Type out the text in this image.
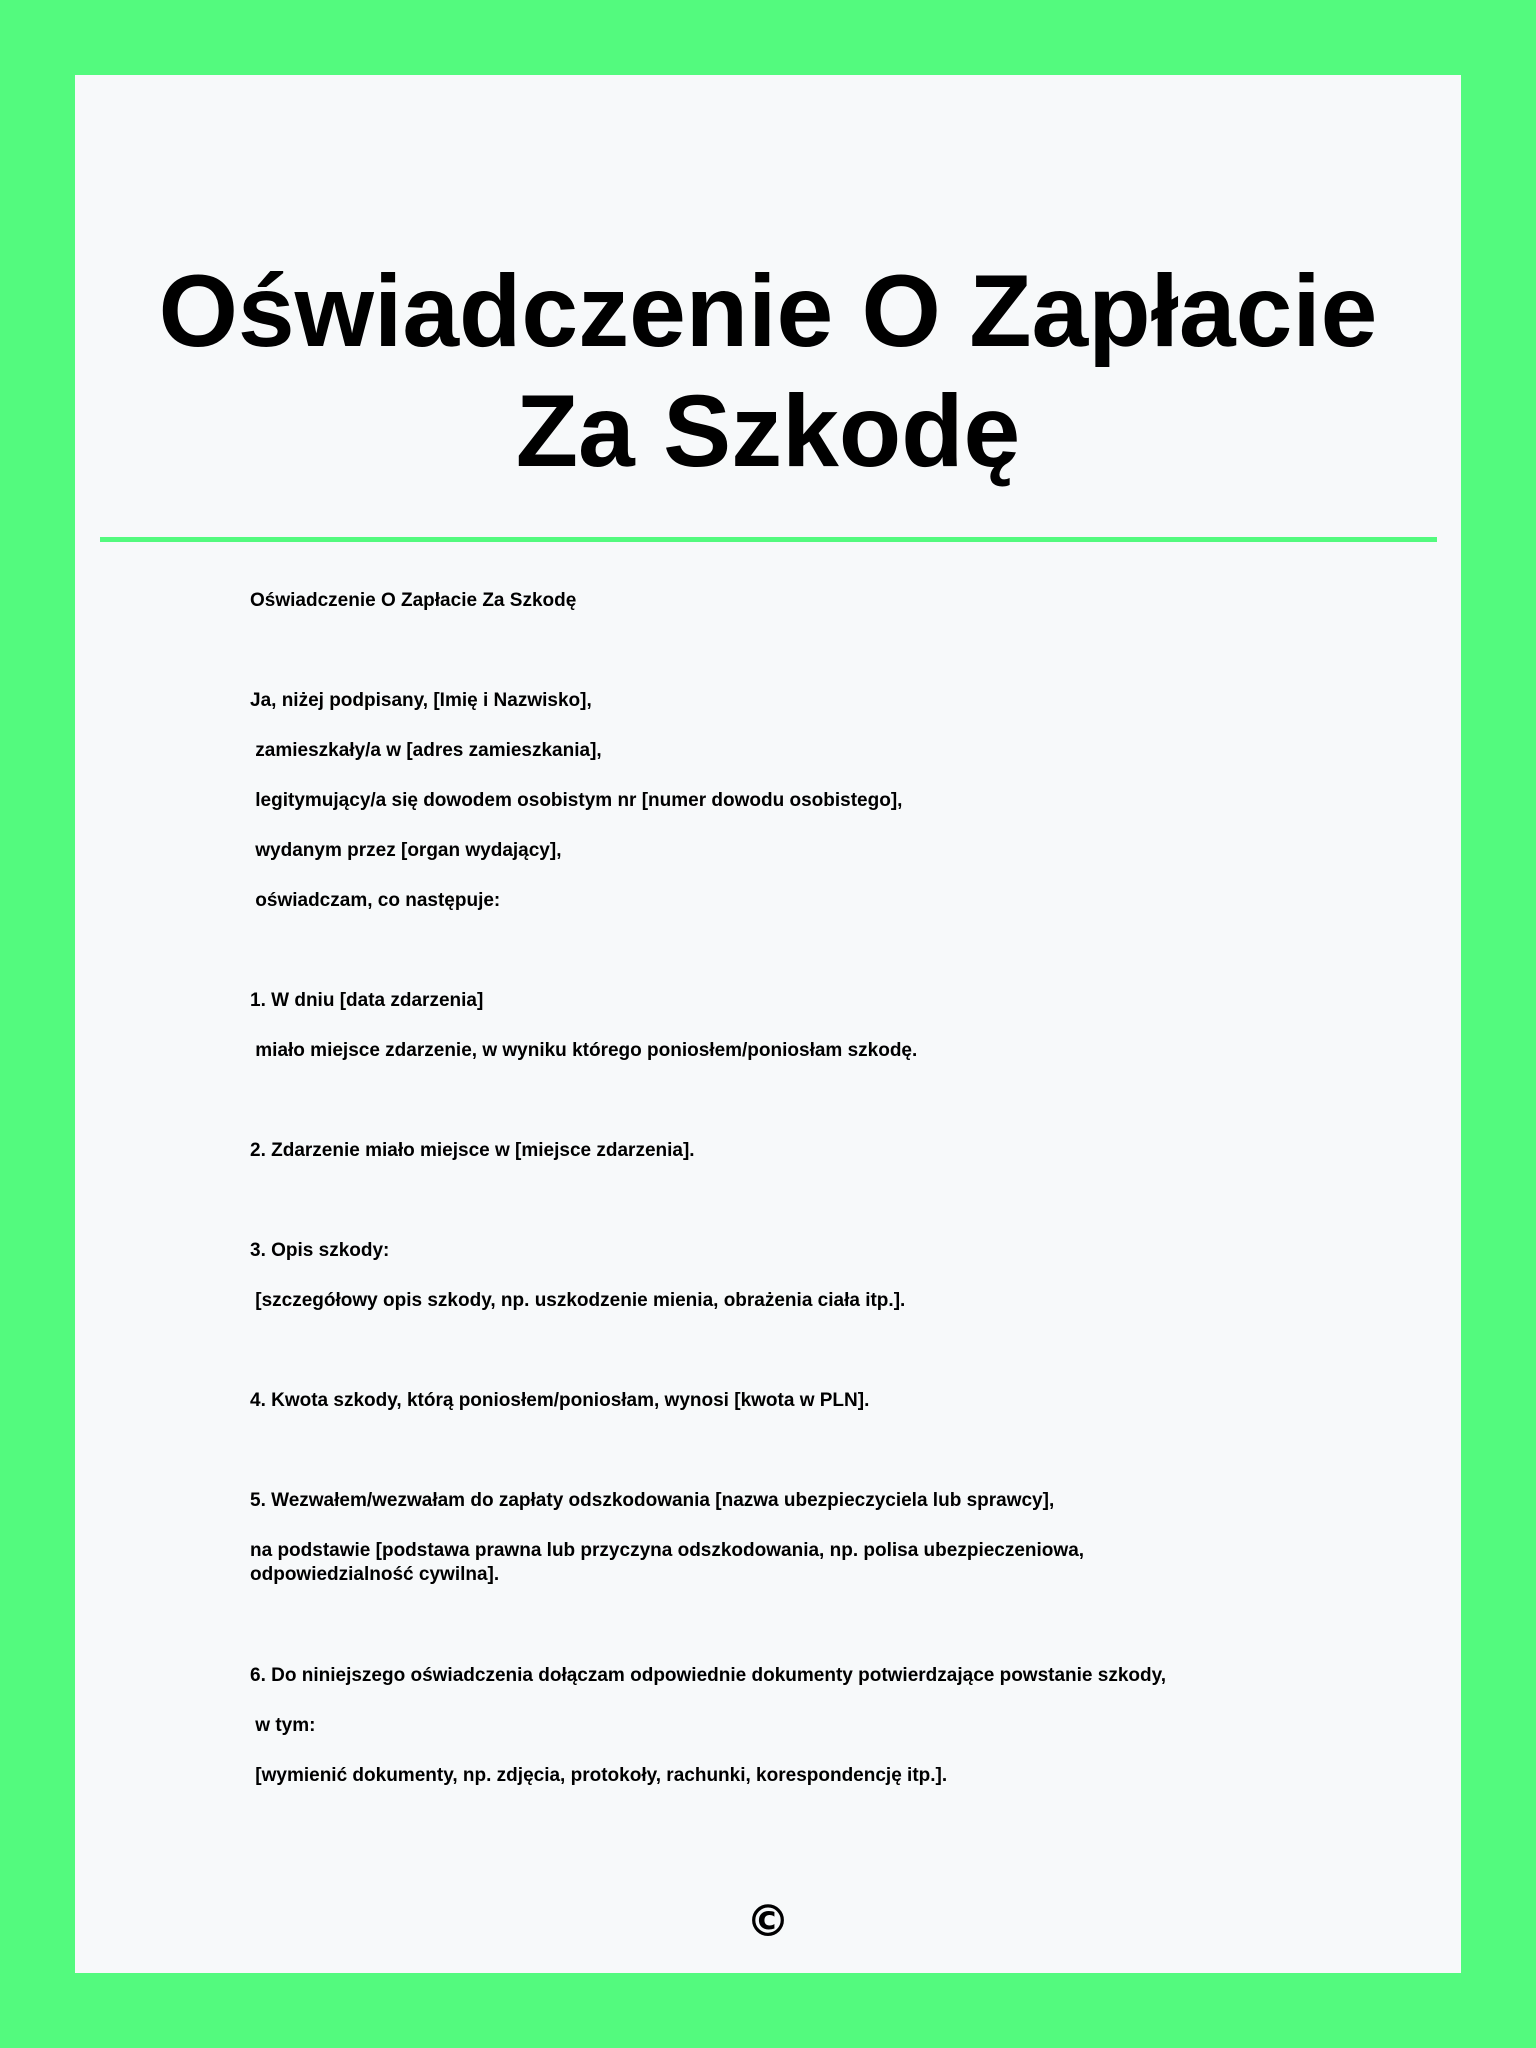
Oświadczenie O Zapłacie Za Szkodę

Oświadczenie O Zapłacie Za Szkodę

Ja, niżej podpisany, [Imię i Nazwisko],

zamieszkały/a w [adres zamieszkania],

legitymujący/a się dowodem osobistym nr [numer dowodu osobistego],

wydanym przez [organ wydający],

oświadczam, co następuje:

1. W dniu [data zdarzenia]

miało miejsce zdarzenie, w wyniku którego poniosłem/poniosłam szkodę.

2. Zdarzenie miało miejsce w [miejsce zdarzenia].

3. Opis szkody:

[szczegółowy opis szkody, np. uszkodzenie mienia, obrażenia ciała itp.].

4. Kwota szkody, którą poniosłem/poniosłam, wynosi [kwota w PLN].

5. Wezwałem/wezwałam do zapłaty odszkodowania [nazwa ubezpieczyciela lub sprawcy],

na podstawie [podstawa prawna lub przyczyna odszkodowania, np. polisa ubezpieczeniowa, odpowiedzialność cywilna].

6. Do niniejszego oświadczenia dołączam odpowiednie dokumenty potwierdzające powstanie szkody,

w tym:

[wymienić dokumenty, np. zdjęcia, protokoły, rachunki, korespondencję itp.].

©
